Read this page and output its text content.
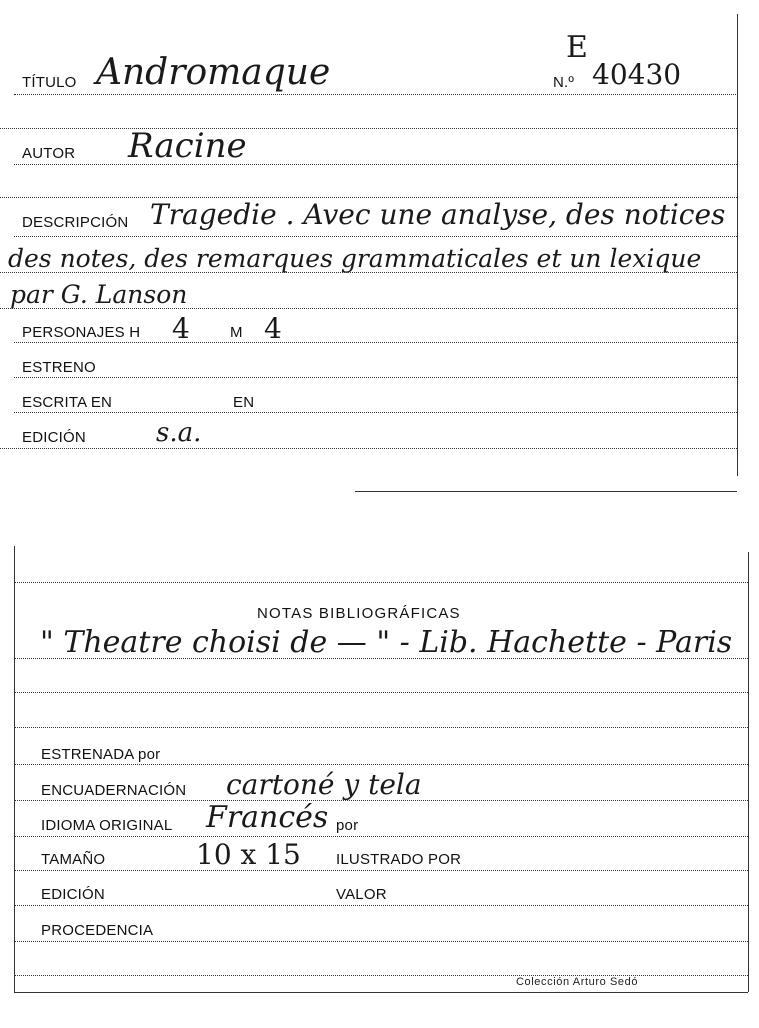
E
TÍTULO Andromaque	N.º 40430
AUTOR Racine
DESCRIPCIÓN Tragedie . Avec une analyse, des notices
des notes, des remarques grammaticales et un lexique
par G. Lanson
PERSONAJES H 4	M 4
ESTRENO
ESCRITA EN	EN
EDICIÓN	s.a.
NOTAS BIBLIOGRÁFICAS
" Theatre choisi de — " - Lib. Hachette - Paris
ESTRENADA por
ENCUADERNACIÓN cartoné y tela
IDIOMA ORIGINAL Francés por
TAMAÑO	10 x 15 ILUSTRADO POR
EDICIÓN	VALOR
PROCEDENCIA
Colección Arturo Sedó
